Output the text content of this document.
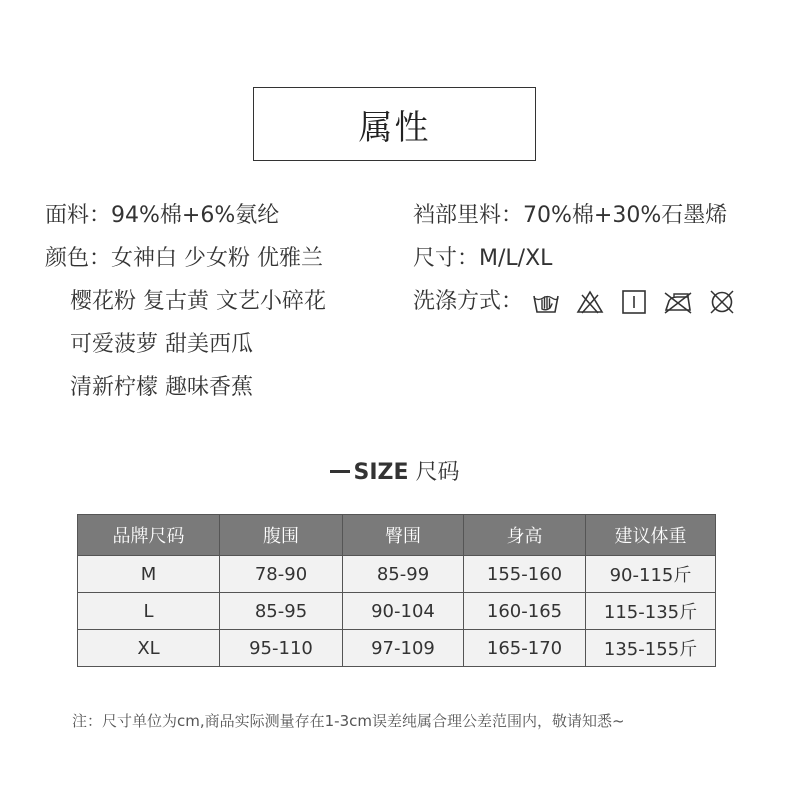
属性
面料：94%棉+6%氨纶
颜色：女神白 少女粉 优雅兰
樱花粉 复古黄 文艺小碎花
可爱菠萝 甜美西瓜
清新柠檬 趣味香蕉
裆部里料：70%棉+30%石墨烯
尺寸：M/L/XL
洗涤方式：
SIZE 尺码
品牌尺码	腹围	臀围	身高	建议体重
M	78-90	85-99	155-160	90-115斤
L	85-95	90-104	160-165	115-135斤
XL	95-110	97-109	165-170	135-155斤
注：尺寸单位为cm,商品实际测量存在1-3cm误差纯属合理公差范围内，敬请知悉~
